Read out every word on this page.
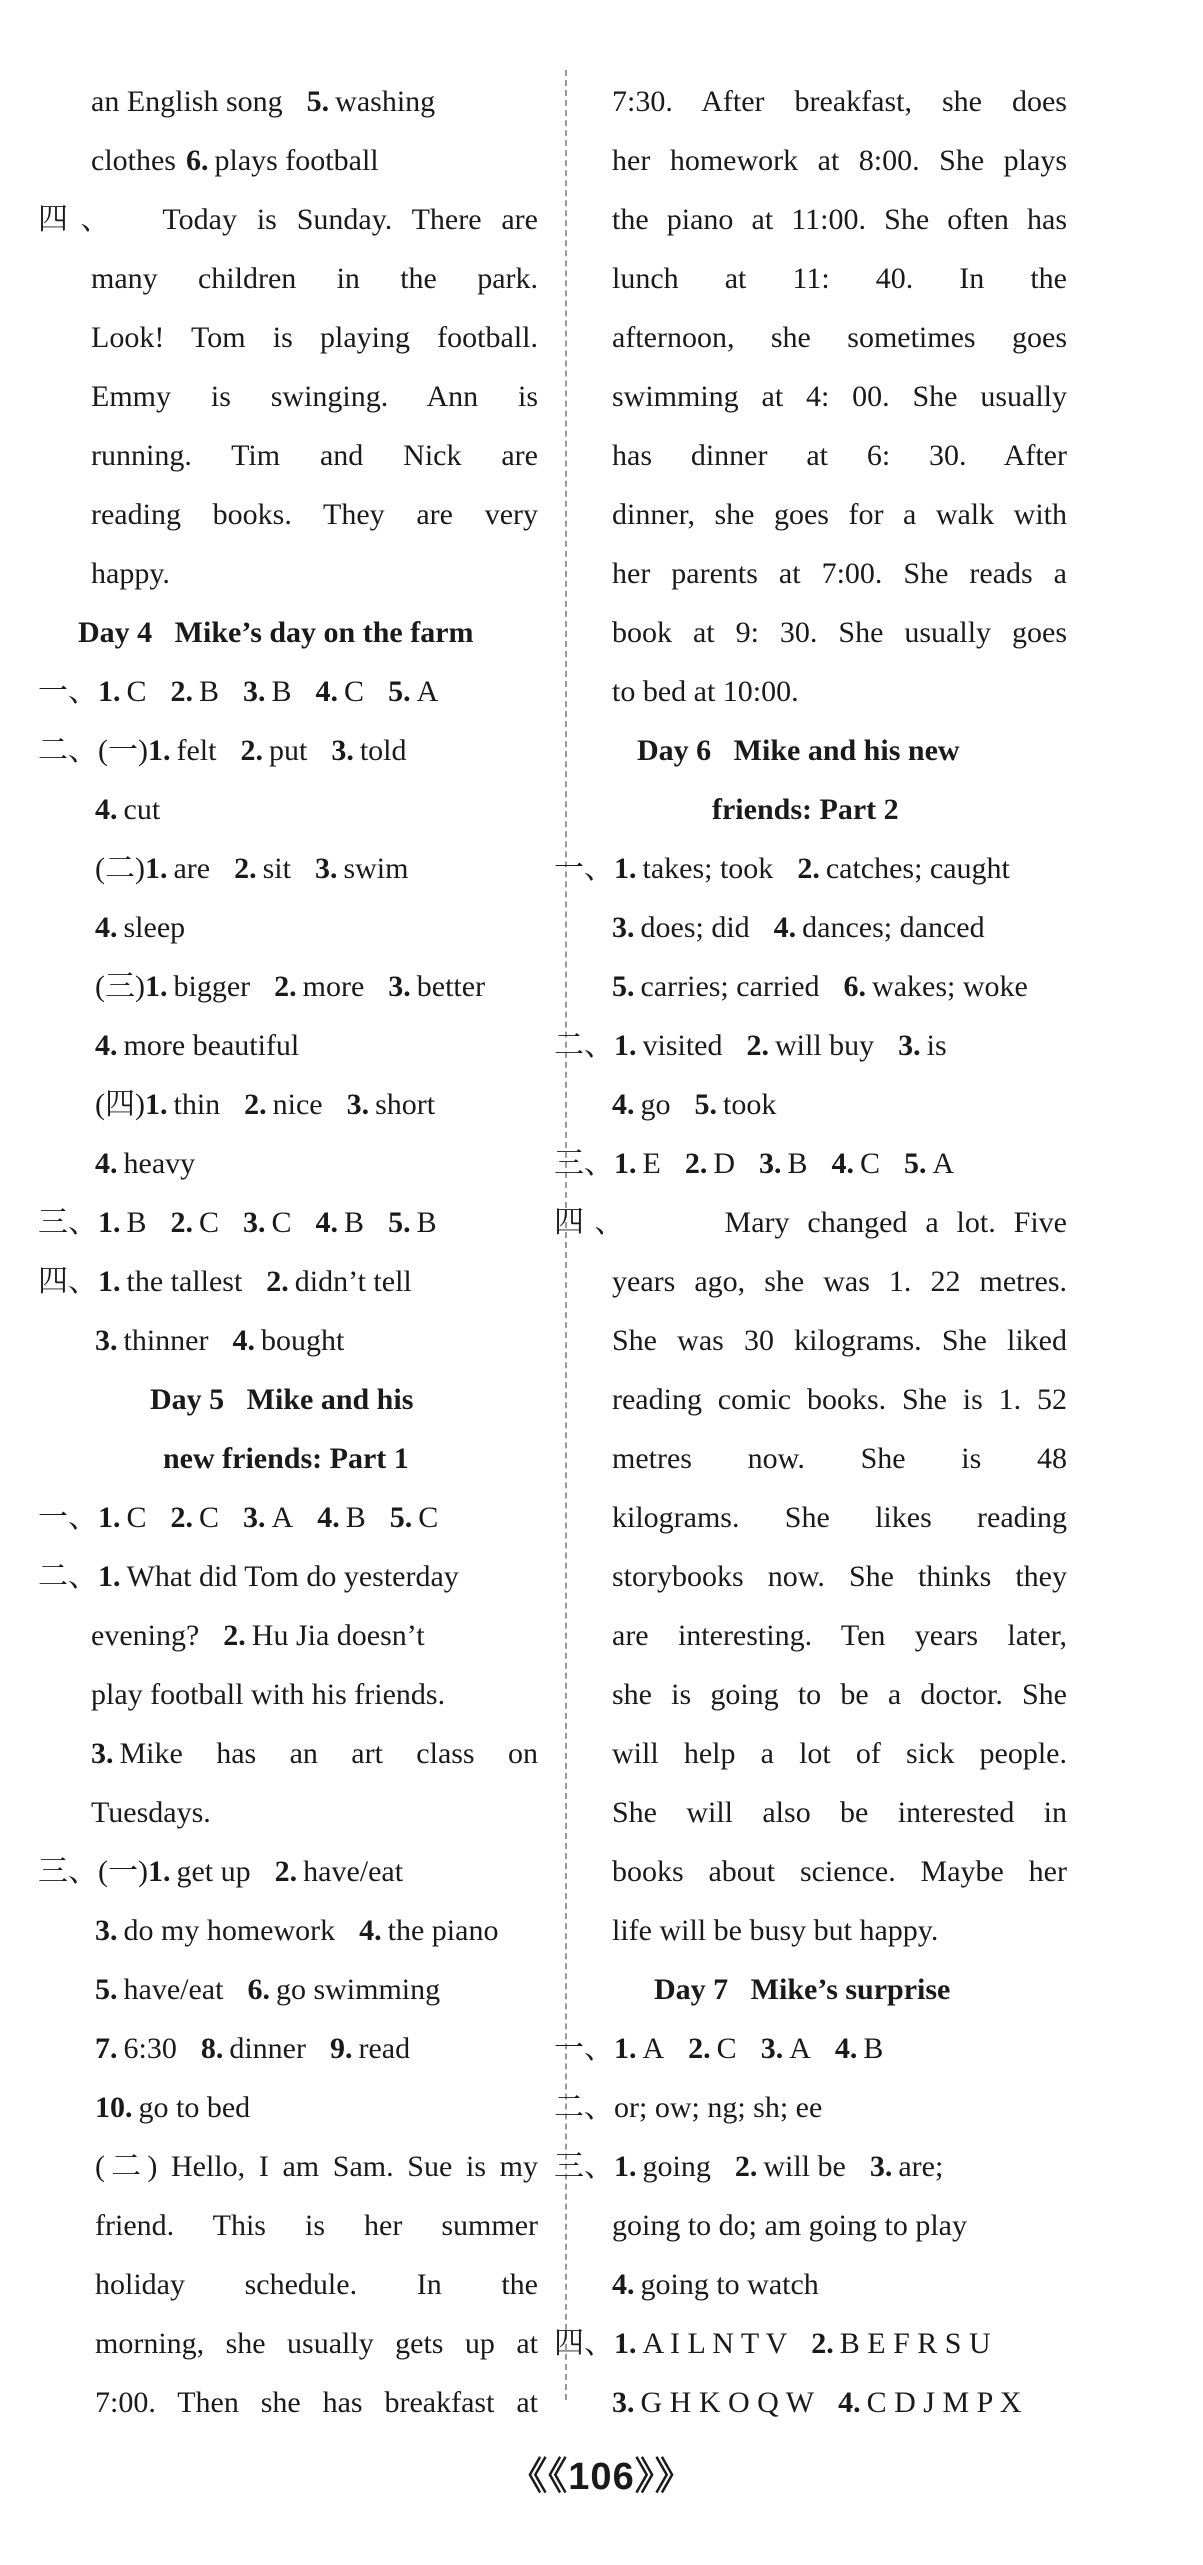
an English song 5. washing
clothes 6. plays football
四、  Today is Sunday. There are
many children in the park.
Look! Tom is playing football.
Emmy is swinging. Ann is
running. Tim and Nick are
reading books. They are very
happy.
Day 4   Mike’s day on the farm
一、1. C 2. B 3. B 4. C 5. A
二、(一)1. felt 2. put 3. told
4. cut
(二)1. are 2. sit 3. swim
4. sleep
(三)1. bigger 2. more 3. better
4. more beautiful
(四)1. thin 2. nice 3. short
4. heavy
三、1. B 2. C 3. C 4. B 5. B
四、1. the tallest 2. didn’t tell
3. thinner 4. bought
Day 5   Mike and his
new friends: Part 1
一、1. C 2. C 3. A 4. B 5. C
二、1. What did Tom do yesterday
evening? 2. Hu Jia doesn’t
play football with his friends.
3. Mike has an art class on
Tuesdays.
三、(一)1. get up 2. have/eat
3. do my homework 4. the piano
5. have/eat 6. go swimming
7. 6:30 8. dinner 9. read
10. go to bed
(二) Hello, I am Sam. Sue is my
friend. This is her summer
holiday schedule. In the
morning, she usually gets up at
7:00. Then she has breakfast at
7:30. After breakfast, she does
her homework at 8:00. She plays
the piano at 11:00. She often has
lunch at 11: 40. In the
afternoon, she sometimes goes
swimming at 4: 00. She usually
has dinner at 6: 30. After
dinner, she goes for a walk with
her parents at 7:00. She reads a
book at 9: 30. She usually goes
to bed at 10:00.
Day 6   Mike and his new
friends: Part 2
一、1. takes; took 2. catches; caught
3. does; did 4. dances; danced
5. carries; carried 6. wakes; woke
二、1. visited 2. will buy 3. is
4. go 5. took
三、1. E 2. D 3. B 4. C 5. A
四、     Mary changed a lot. Five
years ago, she was 1. 22 metres.
She was 30 kilograms. She liked
reading comic books. She is 1. 52
metres now. She is 48
kilograms. She likes reading
storybooks now. She thinks they
are interesting. Ten years later,
she is going to be a doctor. She
will help a lot of sick people.
She will also be interested in
books about science. Maybe her
life will be busy but happy.
Day 7   Mike’s surprise
一、1. A 2. C 3. A 4. B
二、or; ow; ng; sh; ee
三、1. going 2. will be 3. are;
going to do; am going to play
4. going to watch
四、1. A I L N T V 2. B E F R S U
3. G H K O Q W 4. C D J M P X
《《106》》
